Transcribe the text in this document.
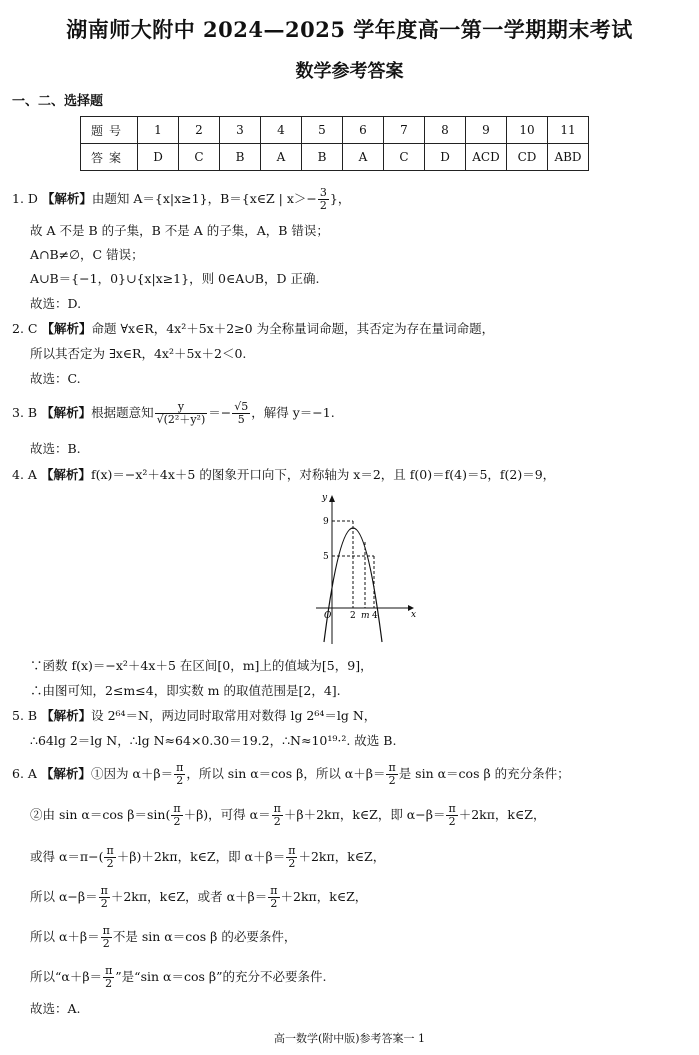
湖南师大附中 2024—2025 学年度高一第一学期期末考试
数学参考答案
一、二、选择题
题号	1	2	3	4	5	6	7	8	9	10	11
答案	D	C	B	A	B	A	C	D	ACD	CD	ABD
1. D 【解析】由题知 A＝{x|x≥1}，B＝{x∈Z | $x>- \frac{3}{2}$ }，
故 A 不是 B 的子集，B 不是 A 的子集，A，B 错误；
A∩B≠∅，C 错误；
A∪B＝{−1，0}∪{x|x≥1}，则 0∈A∪B，D 正确.
故选：D.
2. C 【解析】命题 ∀x∈R，4x²＋5x＋2≥0 为全称量词命题，其否定为存在量词命题，
所以其否定为 ∃x∈R，4x²＋5x＋2＜0.
故选：C.
3. B 【解析】根据题意知 $\frac{y}{\text{√(2²＋y²)}} =- \frac{√5}{5}$ ，解得 y＝−1.
故选：B.
4. A 【解析】f(x)＝−x²＋4x＋5 的图象开口向下，对称轴为 x＝2，且 f(0)＝f(4)＝5，f(2)＝9，
y
x
9
5
O 2 m 4
∵函数 f(x)＝−x²＋4x＋5 在区间[0，m]上的值域为[5，9]，
∴由图可知，2≤m≤4，即实数 m 的取值范围是[2，4].
5. B 【解析】设 2⁶⁴＝N，两边同时取常用对数得 lg 2⁶⁴＝lg N，
∴64lg 2＝lg N，∴lg N≈64×0.30＝19.2，∴N≈10¹⁹·². 故选 B.
6. A 【解析】①因为 $\alpha+\beta= \frac{\pi}{2}$ ，所以 sin α＝cos β，所以 $\alpha+\beta= \frac{\pi}{2}$ 是 sin α＝cos β 的充分条件；
②由 sin α＝cos $\beta=\sin( \frac{\pi}{2} +\beta)$，可得 $\alpha= \frac{\pi}{2} +\beta+2k\pi$，k∈Z，即 $\alpha-\beta= \frac{\pi}{2} +2k\pi$，k∈Z，
或得 $\alpha=\pi-( \frac{\pi}{2} +\beta)+2k\pi$，k∈Z，即 $\alpha+\beta= \frac{\pi}{2} +2k\pi$，k∈Z，
所以 $\alpha-\beta= \frac{\pi}{2} +2k\pi$，k∈Z，或者 $\alpha+\beta= \frac{\pi}{2} +2k\pi$，k∈Z，
所以 $\alpha+\beta= \frac{\pi}{2}$ 不是 sin α＝cos β 的必要条件，
所以“$\alpha+\beta= \frac{\pi}{2}$ ”是“sin α＝cos β”的充分不必要条件.
故选：A.
高一数学(附中版)参考答案一 1
